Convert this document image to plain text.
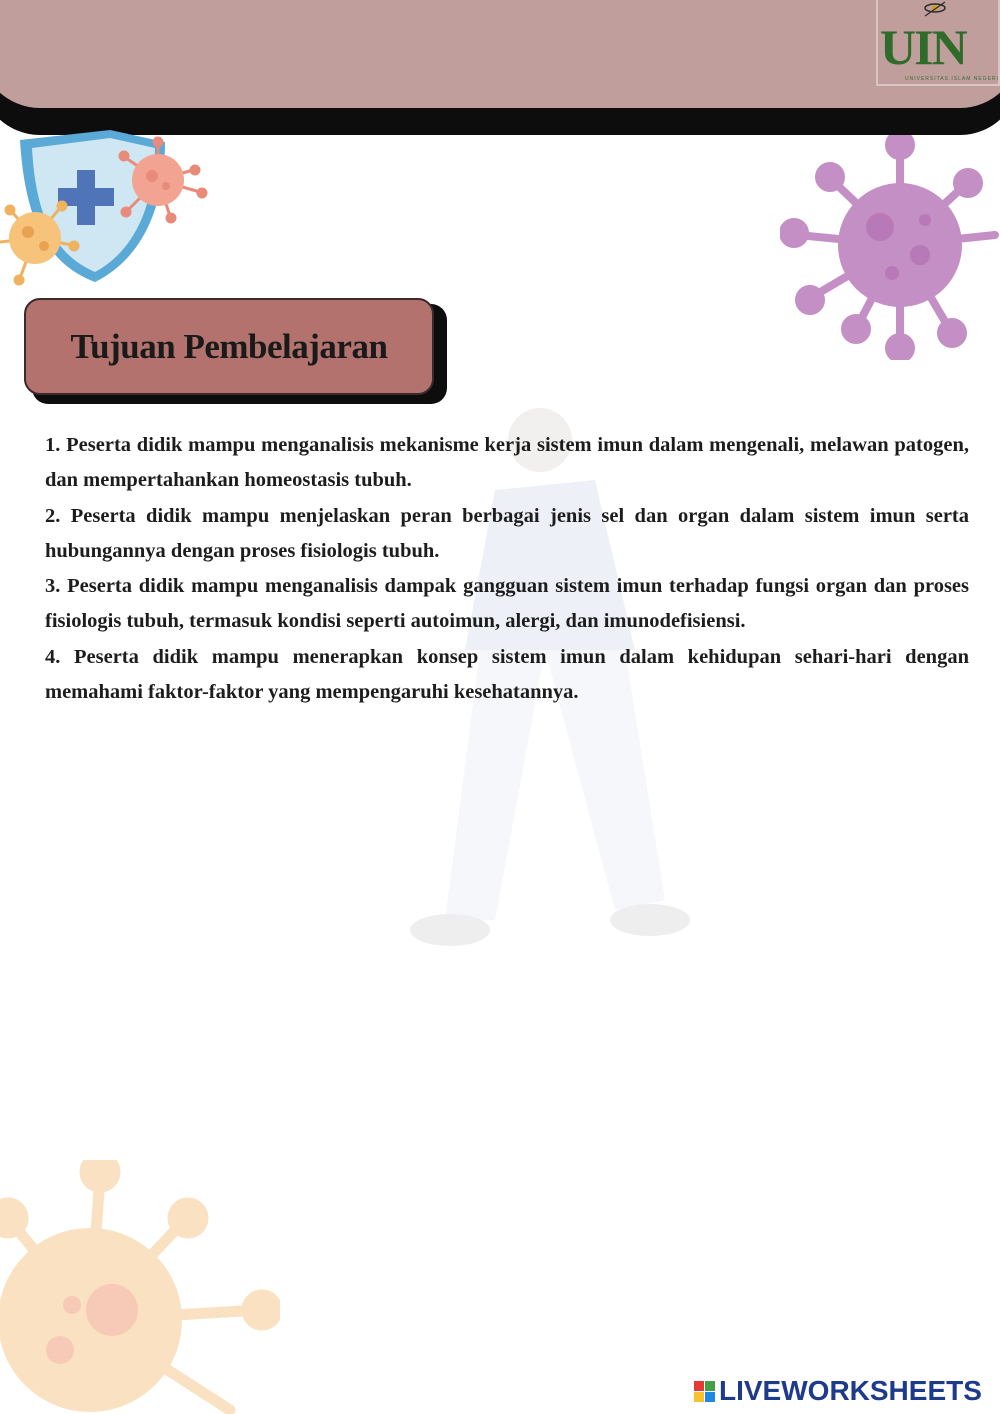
UIN
UNIVERSITAS ISLAM NEGERI
Tujuan Pembelajaran

1. Peserta didik mampu menganalisis mekanisme kerja sistem imun dalam mengenali, melawan patogen, dan mempertahankan homeostasis tubuh.

2. Peserta didik mampu menjelaskan peran berbagai jenis sel dan organ dalam sistem imun serta hubungannya dengan proses fisiologis tubuh.

3. Peserta didik mampu menganalisis dampak gangguan sistem imun terhadap fungsi organ dan proses fisiologis tubuh, termasuk kondisi seperti autoimun, alergi, dan imunodefisiensi.

4. Peserta didik mampu menerapkan konsep sistem imun dalam kehidupan sehari-hari dengan memahami faktor-faktor yang mempengaruhi kesehatannya.

LIVEWORKSHEETS
